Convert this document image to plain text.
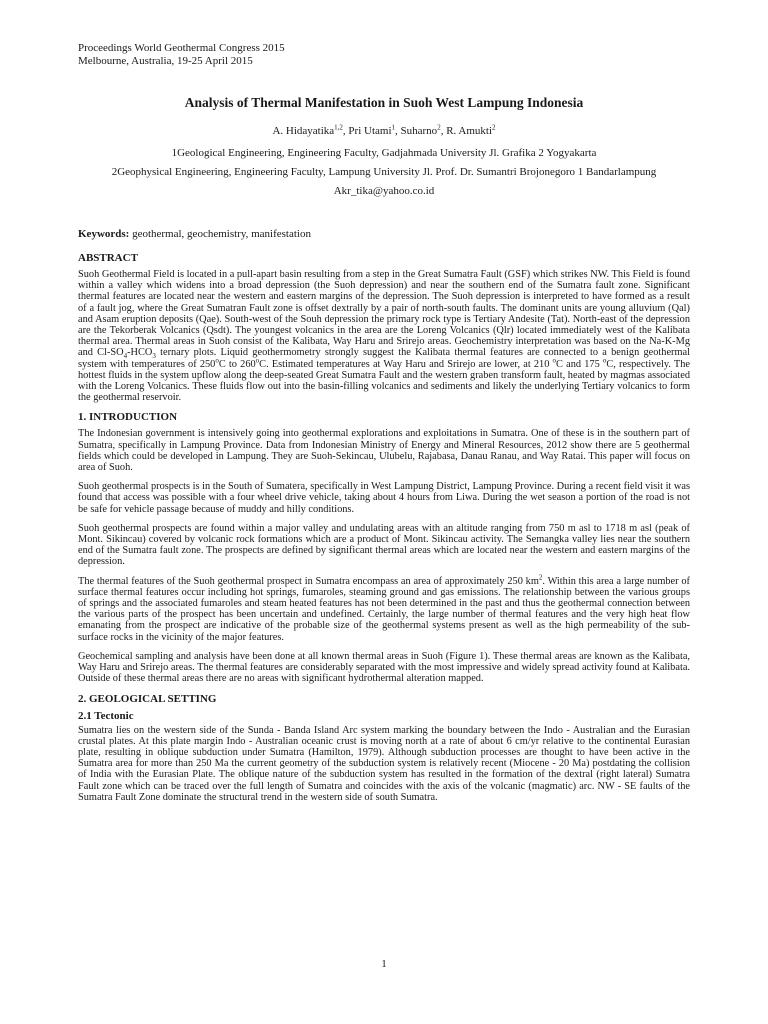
Proceedings World Geothermal Congress 2015
Melbourne, Australia, 19-25 April 2015
Analysis of Thermal Manifestation in Suoh West Lampung Indonesia
A. Hidayatika$^{1,2}$, Pri Utami$^1$, Suharno$^2$, R. Amukti$^2$
1Geological Engineering, Engineering Faculty, Gadjahmada University Jl. Grafika 2 Yogyakarta
2Geophysical Engineering, Engineering Faculty, Lampung University Jl. Prof. Dr. Sumantri Brojonegoro 1 Bandarlampung
Akr_tika@yahoo.co.id
Keywords: geothermal, geochemistry, manifestation
ABSTRACT

Suoh Geothermal Field is located in a pull-apart basin resulting from a step in the Great Sumatra Fault (GSF) which strikes NW. This Field is found within a valley which widens into a broad depression (the Suoh depression) and near the southern end of the Sumatra fault zone. Significant thermal features are located near the western and eastern margins of the depression. The Suoh depression is interpreted to have formed as a result of a fault jog, where the Great Sumatran Fault zone is offset dextrally by a pair of north-south faults. The dominant units are young alluvium (Qal) and Asam eruption deposits (Qae). South-west of the Souh depression the primary rock type is Tertiary Andesite (Tat). North-east of the depression are the Tekorberak Volcanics (Qsdt). The youngest volcanics in the area are the Loreng Volcanics (Qlr) located immediately west of the Kalibata thermal area. Thermal areas in Suoh consist of the Kalibata, Way Haru and Srirejo areas. Geochemistry interpretation was based on the Na-K-Mg and $Cl-SO_4-HCO_3$ ternary plots. Liquid geothermometry strongly suggest the Kalibata thermal features are connected to a benign geothermal system with temperatures of 250$^o$C to 260$^o$C. Estimated temperatures at Way Haru and Srirejo are lower, at 210 $^o$C and 175 $^o$C, respectively. The hottest fluids in the system upflow along the deep-seated Great Sumatra Fault and the western graben transform fault, heated by magmas associated with the Loreng Volcanics. These fluids flow out into the basin-filling volcanics and sediments and likely the underlying Tertiary volcanics to form the geothermal reservoir.

1. INTRODUCTION

The Indonesian government is intensively going into geothermal explorations and exploitations in Sumatra. One of these is in the southern part of Sumatra, specifically in Lampung Province. Data from Indonesian Ministry of Energy and Mineral Resources, 2012 show there are 5 geothermal fields which could be developed in Lampung. They are Suoh-Sekincau, Ulubelu, Rajabasa, Danau Ranau, and Way Ratai. This paper will focus on area of Suoh.

Suoh geothermal prospects is in the South of Sumatera, specifically in West Lampung District, Lampung Province. During a recent field visit it was found that access was possible with a four wheel drive vehicle, taking about 4 hours from Liwa. During the wet season a portion of the road is not be safe for vehicle passage because of muddy and hilly conditions.

Suoh geothermal prospects are found within a major valley and undulating areas with an altitude ranging from 750 m asl to 1718 m asl (peak of Mont. Sikincau) covered by volcanic rock formations which are a product of Mont. Sikincau activity. The Semangka valley lies near the southern end of the Sumatra fault zone. The prospects are defined by significant thermal areas which are located near the western and eastern margins of the depression.

The thermal features of the Suoh geothermal prospect in Sumatra encompass an area of approximately 250 $km^2$. Within this area a large number of surface thermal features occur including hot springs, fumaroles, steaming ground and gas emissions. The relationship between the various groups of springs and the associated fumaroles and steam heated features has not been determined in the past and thus the geothermal connection between the various parts of the prospect has been uncertain and undefined. Certainly, the large number of thermal features and the very high heat flow emanating from the prospect are indicative of the probable size of the geothermal systems present as well as the high permeability of the sub-surface rocks in the vicinity of the major features.

Geochemical sampling and analysis have been done at all known thermal areas in Suoh (Figure 1). These thermal areas are known as the Kalibata, Way Haru and Srirejo areas. The thermal features are considerably separated with the most impressive and widely spread activity found at Kalibata. Outside of these thermal areas there are no areas with significant hydrothermal alteration mapped.

2. GEOLOGICAL SETTING
2.1 Tectonic

Sumatra lies on the western side of the Sunda - Banda Island Arc system marking the boundary between the Indo - Australian and the Eurasian crustal plates. At this plate margin Indo - Australian oceanic crust is moving north at a rate of about 6 cm/yr relative to the continental Eurasian plate, resulting in oblique subduction under Sumatra (Hamilton, 1979). Although subduction processes are thought to have been active in the Sumatra area for more than 250 Ma the current geometry of the subduction system is relatively recent (Miocene - 20 Ma) postdating the collision of India with the Eurasian Plate. The oblique nature of the subduction system has resulted in the formation of the dextral (right lateral) Sumatra Fault zone which can be traced over the full length of Sumatra and coincides with the axis of the volcanic (magmatic) arc. NW - SE faults of the Sumatra Fault Zone dominate the structural trend in the western side of south Sumatra.

1
